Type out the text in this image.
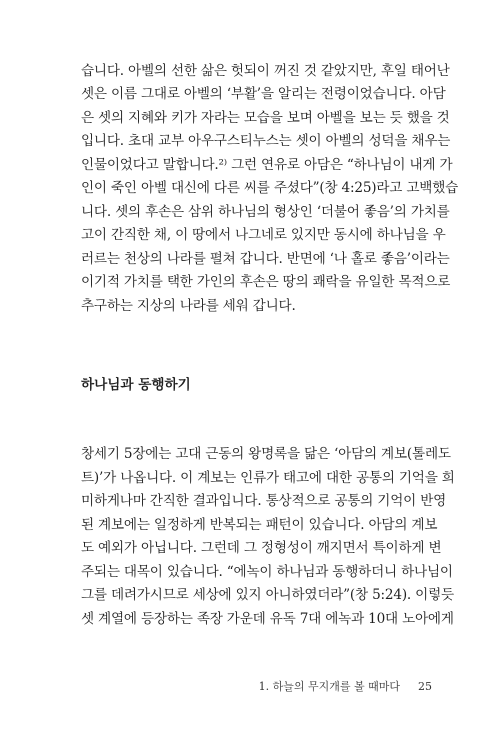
습니다. 아벨의 선한 삶은 헛되이 꺼진 것 같았지만, 후일 태어난
셋은 이름 그대로 아벨의 ‘부활’을 알리는 전령이었습니다. 아담
은 셋의 지혜와 키가 자라는 모습을 보며 아벨을 보는 듯 했을 것
입니다. 초대 교부 아우구스티누스는 셋이 아벨의 성덕을 채우는
인물이었다고 말합니다.²⁾ 그런 연유로 아담은 “하나님이 내게 가
인이 죽인 아벨 대신에 다른 씨를 주셨다”(창 4:25)라고 고백했습
니다. 셋의 후손은 삼위 하나님의 형상인 ‘더불어 좋음’의 가치를
고이 간직한 채, 이 땅에서 나그네로 있지만 동시에 하나님을 우
러르는 천상의 나라를 펼쳐 갑니다. 반면에 ‘나 홀로 좋음’이라는
이기적 가치를 택한 가인의 후손은 땅의 쾌락을 유일한 목적으로
추구하는 지상의 나라를 세워 갑니다.
하나님과 동행하기
창세기 5장에는 고대 근동의 왕명록을 닮은 ‘아담의 계보(톨레도
트)’가 나옵니다. 이 계보는 인류가 태고에 대한 공통의 기억을 희
미하게나마 간직한 결과입니다. 통상적으로 공통의 기억이 반영
된 계보에는 일정하게 반복되는 패턴이 있습니다. 아담의 계보
도 예외가 아닙니다. 그런데 그 정형성이 깨지면서 특이하게 변
주되는 대목이 있습니다. “에녹이 하나님과 동행하더니 하나님이
그를 데려가시므로 세상에 있지 아니하였더라”(창 5:24). 이렇듯
셋 계열에 등장하는 족장 가운데 유독 7대 에녹과 10대 노아에게
1. 하늘의 무지개를 볼 때마다 25
